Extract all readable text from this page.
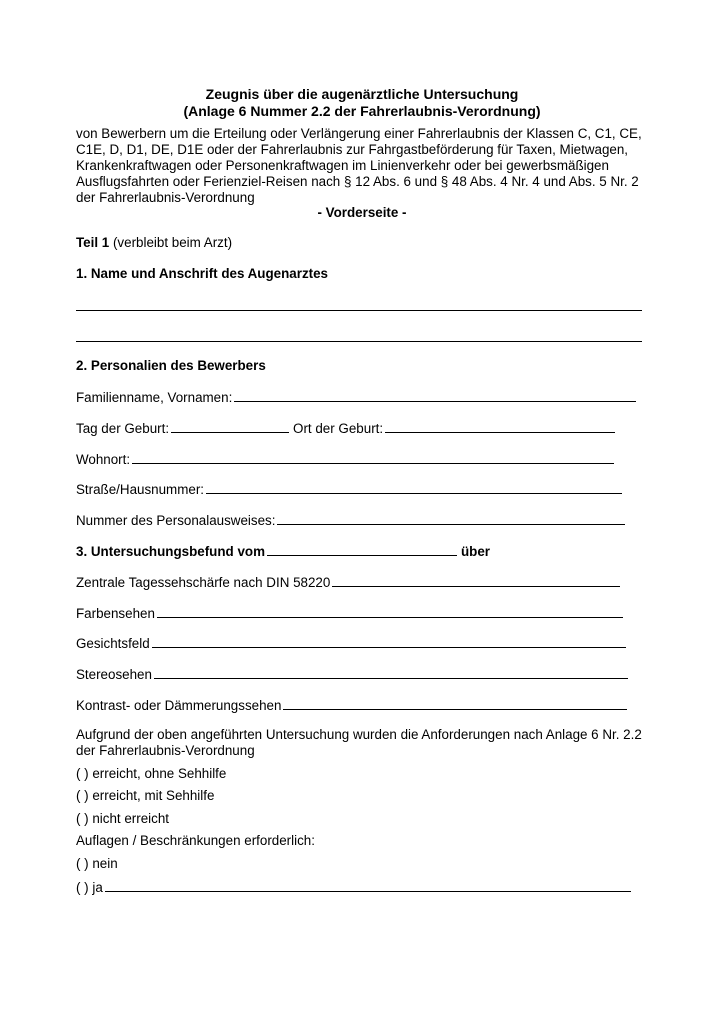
Zeugnis über die augenärztliche Untersuchung
(Anlage 6 Nummer 2.2 der Fahrerlaubnis-Verordnung)
von Bewerbern um die Erteilung oder Verlängerung einer Fahrerlaubnis der Klassen C, C1, CE,
C1E, D, D1, DE, D1E oder der Fahrerlaubnis zur Fahrgastbeförderung für Taxen, Mietwagen,
Krankenkraftwagen oder Personenkraftwagen im Linienverkehr oder bei gewerbsmäßigen
Ausflugsfahrten oder Ferienziel-Reisen nach § 12 Abs. 6 und § 48 Abs. 4 Nr. 4 und Abs. 5 Nr. 2
der Fahrerlaubnis-Verordnung
- Vorderseite -
Teil 1 (verbleibt beim Arzt)
1. Name und Anschrift des Augenarztes
2. Personalien des Bewerbers
Familienname, Vornamen:
Tag der Geburt:	Ort der Geburt:
Wohnort:
Straße/Hausnummer:
Nummer des Personalausweises:
3. Untersuchungsbefund vom	über
Zentrale Tagessehschärfe nach DIN 58220
Farbensehen
Gesichtsfeld
Stereosehen
Kontrast- oder Dämmerungssehen
Aufgrund der oben angeführten Untersuchung wurden die Anforderungen nach Anlage 6 Nr. 2.2
der Fahrerlaubnis-Verordnung
( ) erreicht, ohne Sehhilfe
( ) erreicht, mit Sehhilfe
( ) nicht erreicht
Auflagen / Beschränkungen erforderlich:
( ) nein
( ) ja
